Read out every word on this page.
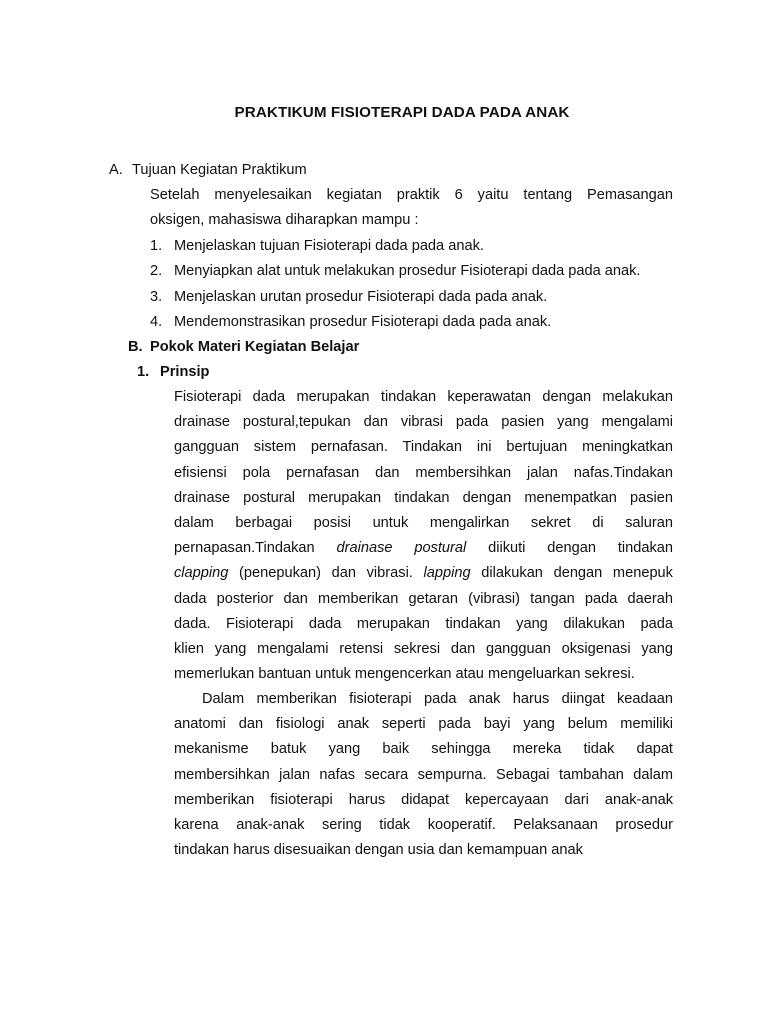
PRAKTIKUM FISIOTERAPI DADA PADA ANAK
A. Tujuan Kegiatan Praktikum
Setelah menyelesaikan kegiatan praktik 6 yaitu tentang Pemasangan
oksigen, mahasiswa diharapkan mampu :
1. Menjelaskan tujuan Fisioterapi dada pada anak.
2. Menyiapkan alat untuk melakukan prosedur Fisioterapi dada pada anak.
3. Menjelaskan urutan prosedur Fisioterapi dada pada anak.
4. Mendemonstrasikan prosedur Fisioterapi dada pada anak.
B. Pokok Materi Kegiatan Belajar
1. Prinsip
Fisioterapi dada merupakan tindakan keperawatan dengan melakukan
drainase postural,tepukan dan vibrasi pada pasien yang mengalami
gangguan sistem pernafasan. Tindakan ini bertujuan meningkatkan
efisiensi pola pernafasan dan membersihkan jalan nafas.Tindakan
drainase postural merupakan tindakan dengan menempatkan pasien
dalam berbagai posisi untuk mengalirkan sekret di saluran
pernapasan.Tindakan drainase postural diikuti dengan tindakan
clapping (penepukan) dan vibrasi. lapping dilakukan dengan menepuk
dada posterior dan memberikan getaran (vibrasi) tangan pada daerah
dada. Fisioterapi dada merupakan tindakan yang dilakukan pada
klien yang mengalami retensi sekresi dan gangguan oksigenasi yang
memerlukan bantuan untuk mengencerkan atau mengeluarkan sekresi.
Dalam memberikan fisioterapi pada anak harus diingat keadaan
anatomi dan fisiologi anak seperti pada bayi yang belum memiliki
mekanisme batuk yang baik sehingga mereka tidak dapat
membersihkan jalan nafas secara sempurna. Sebagai tambahan dalam
memberikan fisioterapi harus didapat kepercayaan dari anak-anak
karena anak-anak sering tidak kooperatif. Pelaksanaan prosedur
tindakan harus disesuaikan dengan usia dan kemampuan anak
